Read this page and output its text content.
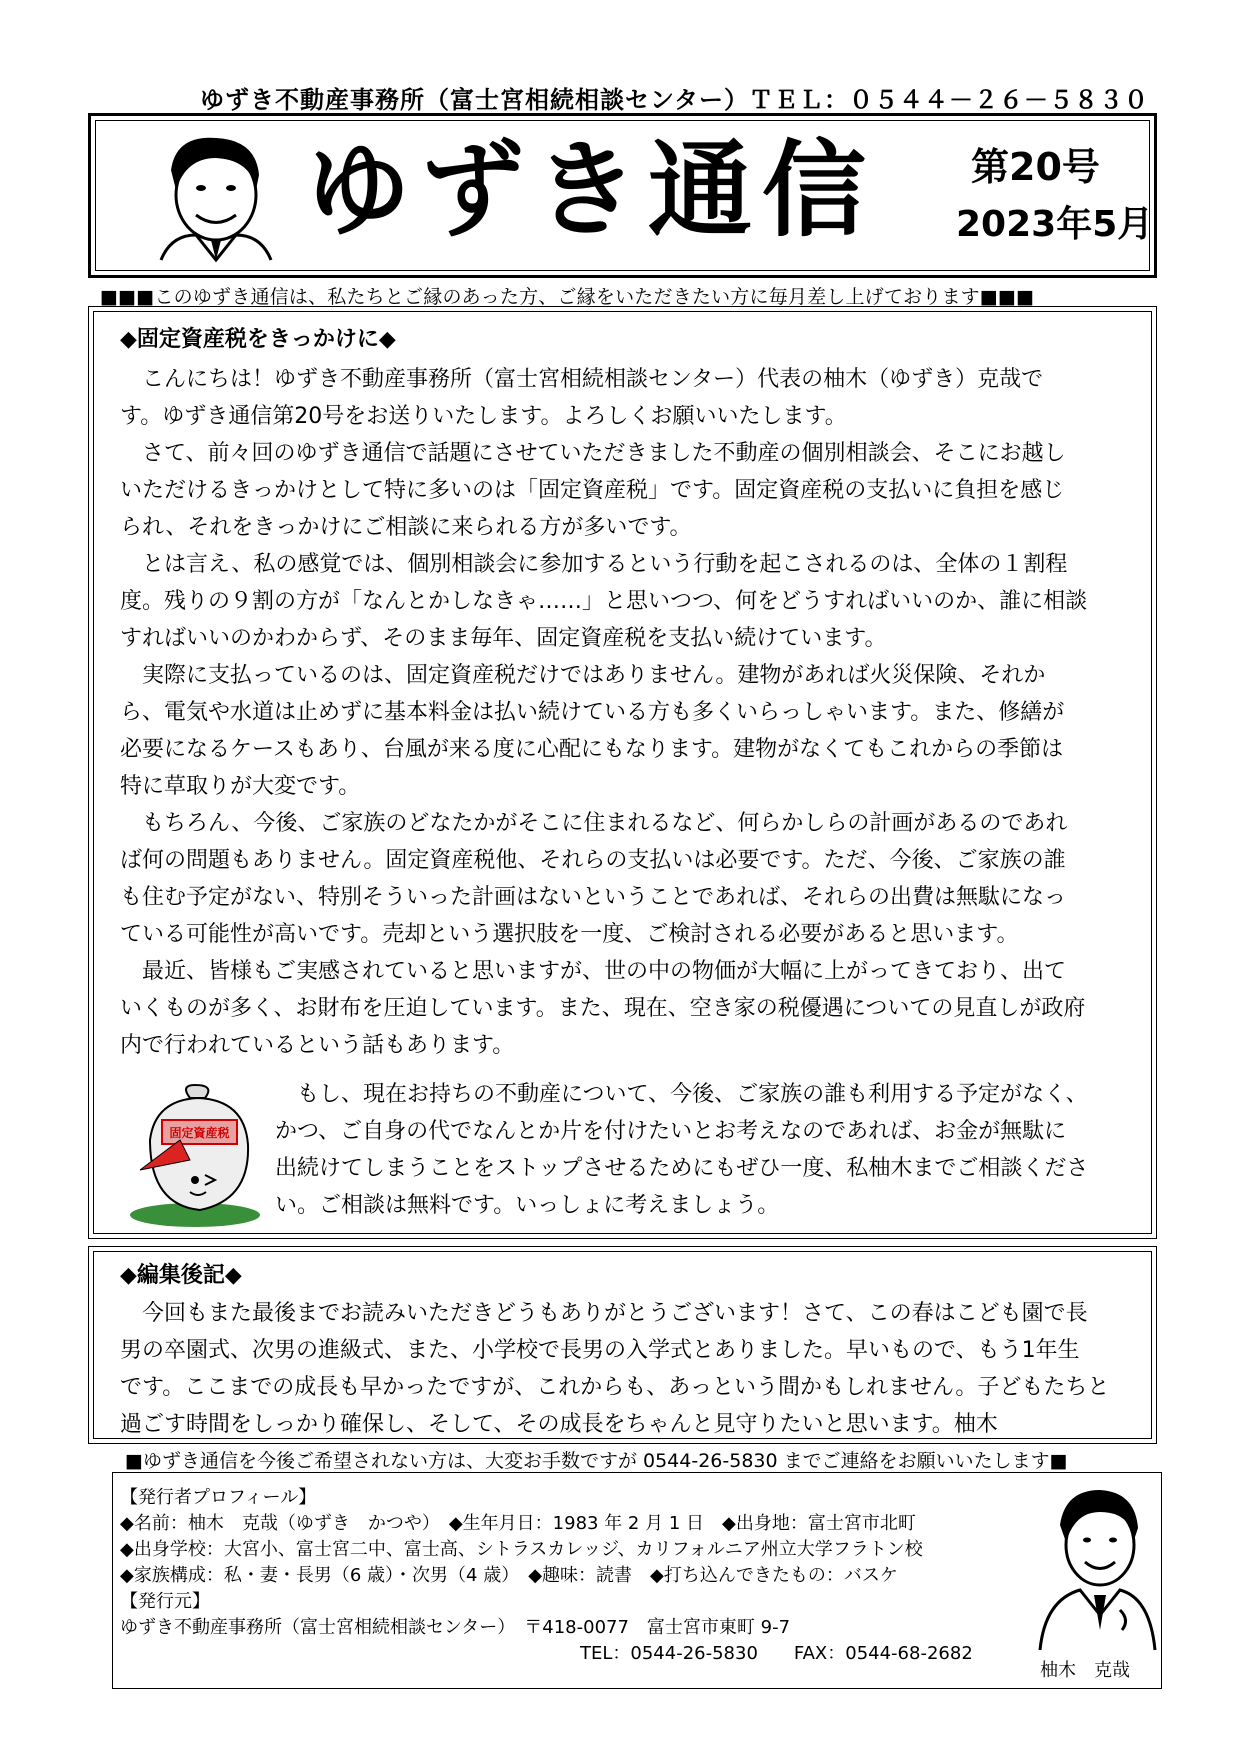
ゆずき不動産事務所（富士宮相続相談センター）ＴＥＬ：０５４４－２６－５８３０
ゆずき通信 第20号
2023年5月
■■■このゆずき通信は、私たちとご縁のあった方、ご縁をいただきたい方に毎月差し上げております■■■
◆固定資産税をきっかけに◆

　こんにちは！ゆずき不動産事務所（富士宮相続相談センター）代表の柚木（ゆずき）克哉で

す。ゆずき通信第20号をお送りいたします。よろしくお願いいたします。

　さて、前々回のゆずき通信で話題にさせていただきました不動産の個別相談会、そこにお越し

いただけるきっかけとして特に多いのは「固定資産税」です。固定資産税の支払いに負担を感じ

られ、それをきっかけにご相談に来られる方が多いです。

　とは言え、私の感覚では、個別相談会に参加するという行動を起こされるのは、全体の１割程

度。残りの９割の方が「なんとかしなきゃ……」と思いつつ、何をどうすればいいのか、誰に相談

すればいいのかわからず、そのまま毎年、固定資産税を支払い続けています。

　実際に支払っているのは、固定資産税だけではありません。建物があれば火災保険、それか

ら、電気や水道は止めずに基本料金は払い続けている方も多くいらっしゃいます。また、修繕が

必要になるケースもあり、台風が来る度に心配にもなります。建物がなくてもこれからの季節は

特に草取りが大変です。

　もちろん、今後、ご家族のどなたかがそこに住まれるなど、何らかしらの計画があるのであれ

ば何の問題もありません。固定資産税他、それらの支払いは必要です。ただ、今後、ご家族の誰

も住む予定がない、特別そういった計画はないということであれば、それらの出費は無駄になっ

ている可能性が高いです。売却という選択肢を一度、ご検討される必要があると思います。

　最近、皆様もご実感されていると思いますが、世の中の物価が大幅に上がってきており、出て

いくものが多く、お財布を圧迫しています。また、現在、空き家の税優遇についての見直しが政府

内で行われているという話もあります。

固定資産税

　もし、現在お持ちの不動産について、今後、ご家族の誰も利用する予定がなく、

かつ、ご自身の代でなんとか片を付けたいとお考えなのであれば、お金が無駄に

出続けてしまうことをストップさせるためにもぜひ一度、私柚木までご相談くださ

い。ご相談は無料です。いっしょに考えましょう。

◆編集後記◆

　今回もまた最後までお読みいただきどうもありがとうございます！さて、この春はこども園で長

男の卒園式、次男の進級式、また、小学校で長男の入学式とありました。早いもので、もう1年生

です。ここまでの成長も早かったですが、これからも、あっという間かもしれません。子どもたちと

過ごす時間をしっかり確保し、そして、その成長をちゃんと見守りたいと思います。柚木

■ゆずき通信を今後ご希望されない方は、大変お手数ですが 0544-26-5830 までご連絡をお願いいたします■
【発行者プロフィール】
◆名前：柚木　克哉（ゆずき　かつや）　◆生年月日：1983 年 2 月 1 日　◆出身地：富士宮市北町
◆出身学校：大宮小、富士宮二中、富士高、シトラスカレッジ、カリフォルニア州立大学フラトン校
◆家族構成：私・妻・長男（6 歳）・次男（4 歳）　◆趣味：読書　◆打ち込んできたもの：バスケ
【発行元】
ゆずき不動産事務所（富士宮相続相談センター）　〒418-0077　富士宮市東町 9-7
TEL：0544-26-5830　　FAX：0544-68-2682
柚木　克哉
